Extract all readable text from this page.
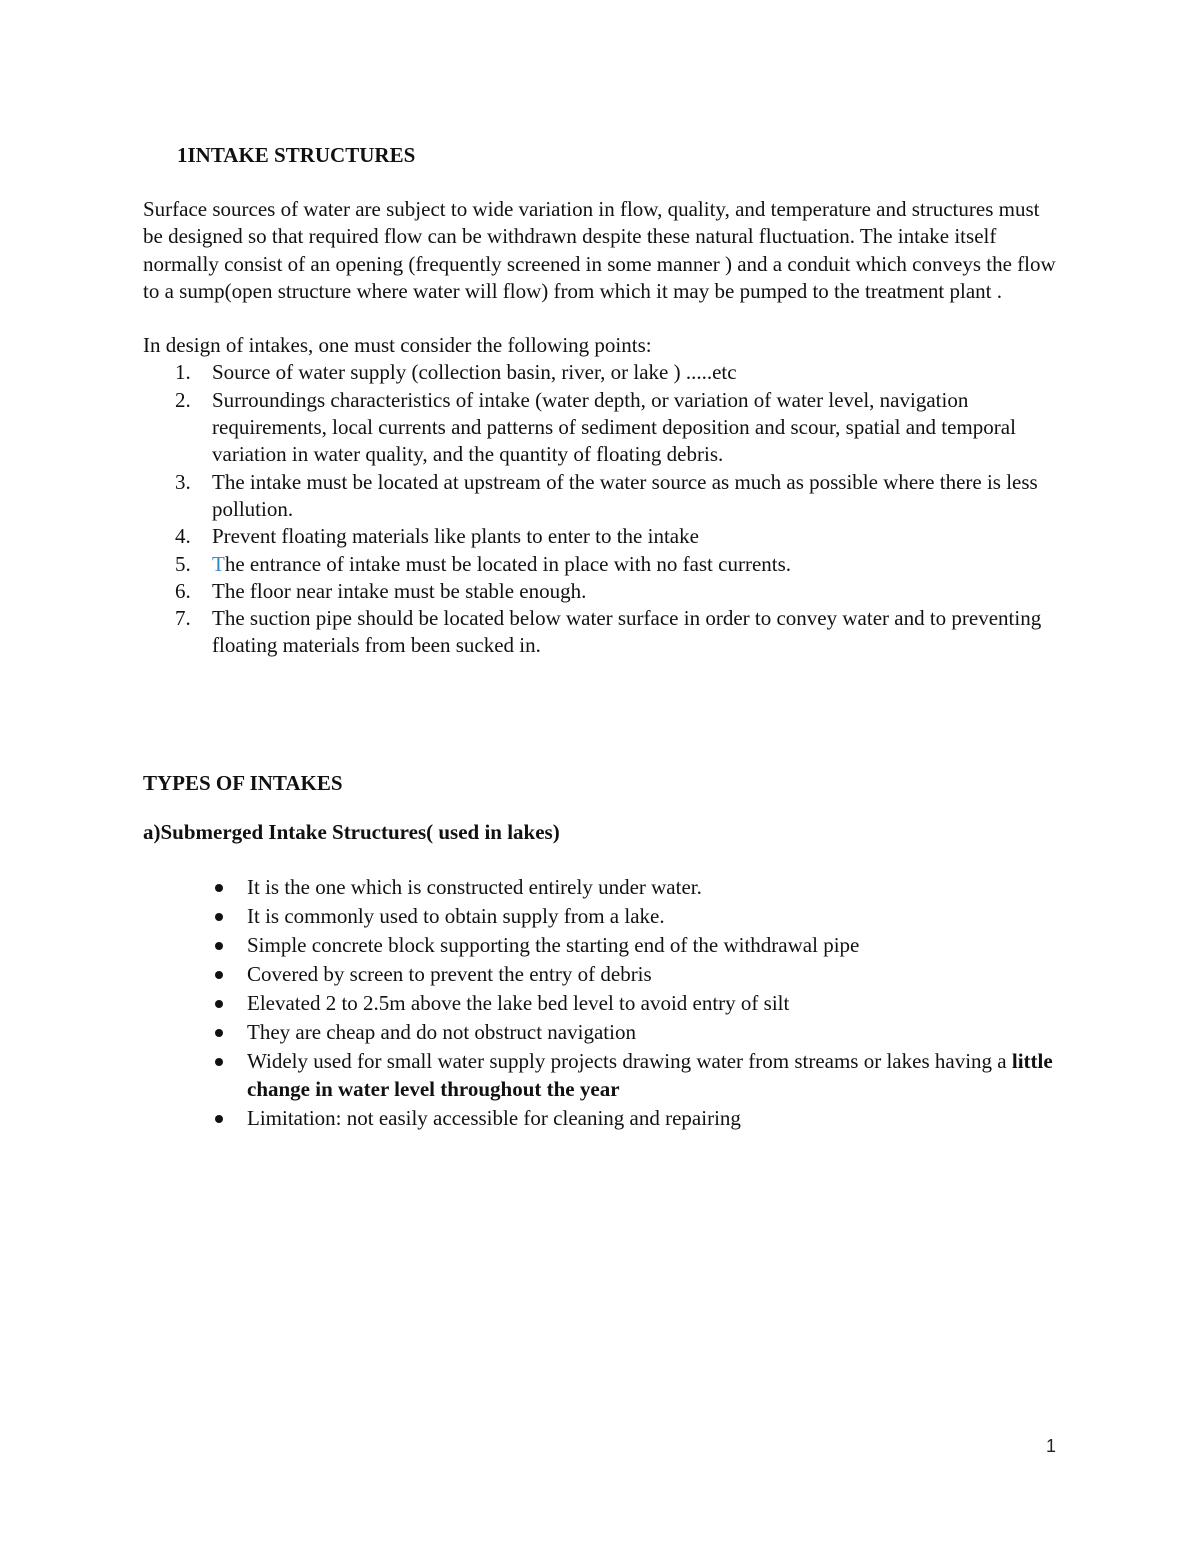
1INTAKE STRUCTURES

Surface sources of water are subject to wide variation in flow, quality, and temperature and structures must be designed so that required flow can be withdrawn despite these natural fluctuation. The intake itself normally consist of an opening (frequently screened in some manner ) and a conduit which conveys the flow to a sump(open structure where water will flow) from which it may be pumped to the treatment plant .

In design of intakes, one must consider the following points:

1. Source of water supply (collection basin, river, or lake ) .....etc
2. Surroundings characteristics of intake (water depth, or variation of water level, navigation requirements, local currents and patterns of sediment deposition and scour, spatial and temporal variation in water quality, and the quantity of floating debris.
3. The intake must be located at upstream of the water source as much as possible where there is less pollution.
4. Prevent floating materials like plants to enter to the intake
5. The entrance of intake must be located in place with no fast currents.
6. The floor near intake must be stable enough.
7. The suction pipe should be located below water surface in order to convey water and to preventing floating materials from been sucked in.
TYPES OF INTAKES
a)Submerged Intake Structures( used in lakes)
It is the one which is constructed entirely under water.
It is commonly used to obtain supply from a lake.
Simple concrete block supporting the starting end of the withdrawal pipe
Covered by screen to prevent the entry of debris
Elevated 2 to 2.5m above the lake bed level to avoid entry of silt
They are cheap and do not obstruct navigation
Widely used for small water supply projects drawing water from streams or lakes having a little change in water level throughout the year
Limitation: not easily accessible for cleaning and repairing
1
